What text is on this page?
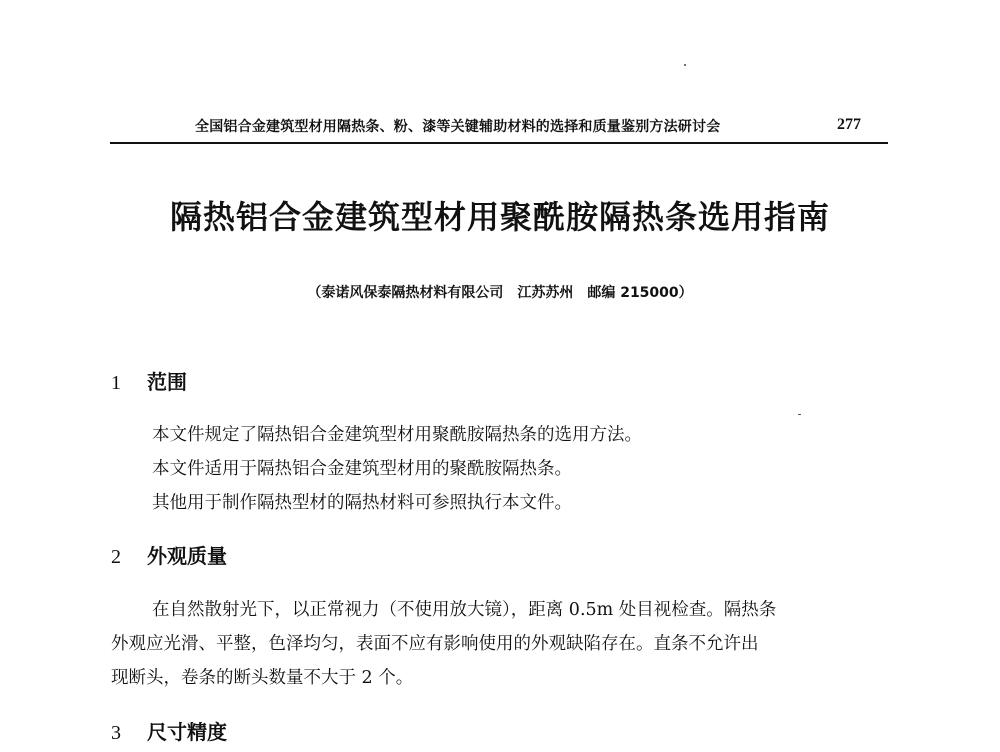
全国铝合金建筑型材用隔热条、粉、漆等关键辅助材料的选择和质量鉴别方法研讨会	277
隔热铝合金建筑型材用聚酰胺隔热条选用指南
（泰诺风保泰隔热材料有限公司　江苏苏州　邮编 215000）
1 范围
本文件规定了隔热铝合金建筑型材用聚酰胺隔热条的选用方法。
本文件适用于隔热铝合金建筑型材用的聚酰胺隔热条。
其他用于制作隔热型材的隔热材料可参照执行本文件。
2 外观质量
在自然散射光下，以正常视力（不使用放大镜），距离 0.5m 处目视检查。隔热条
外观应光滑、平整，色泽均匀，表面不应有影响使用的外观缺陷存在。直条不允许出
现断头，卷条的断头数量不大于 2 个。
3 尺寸精度
